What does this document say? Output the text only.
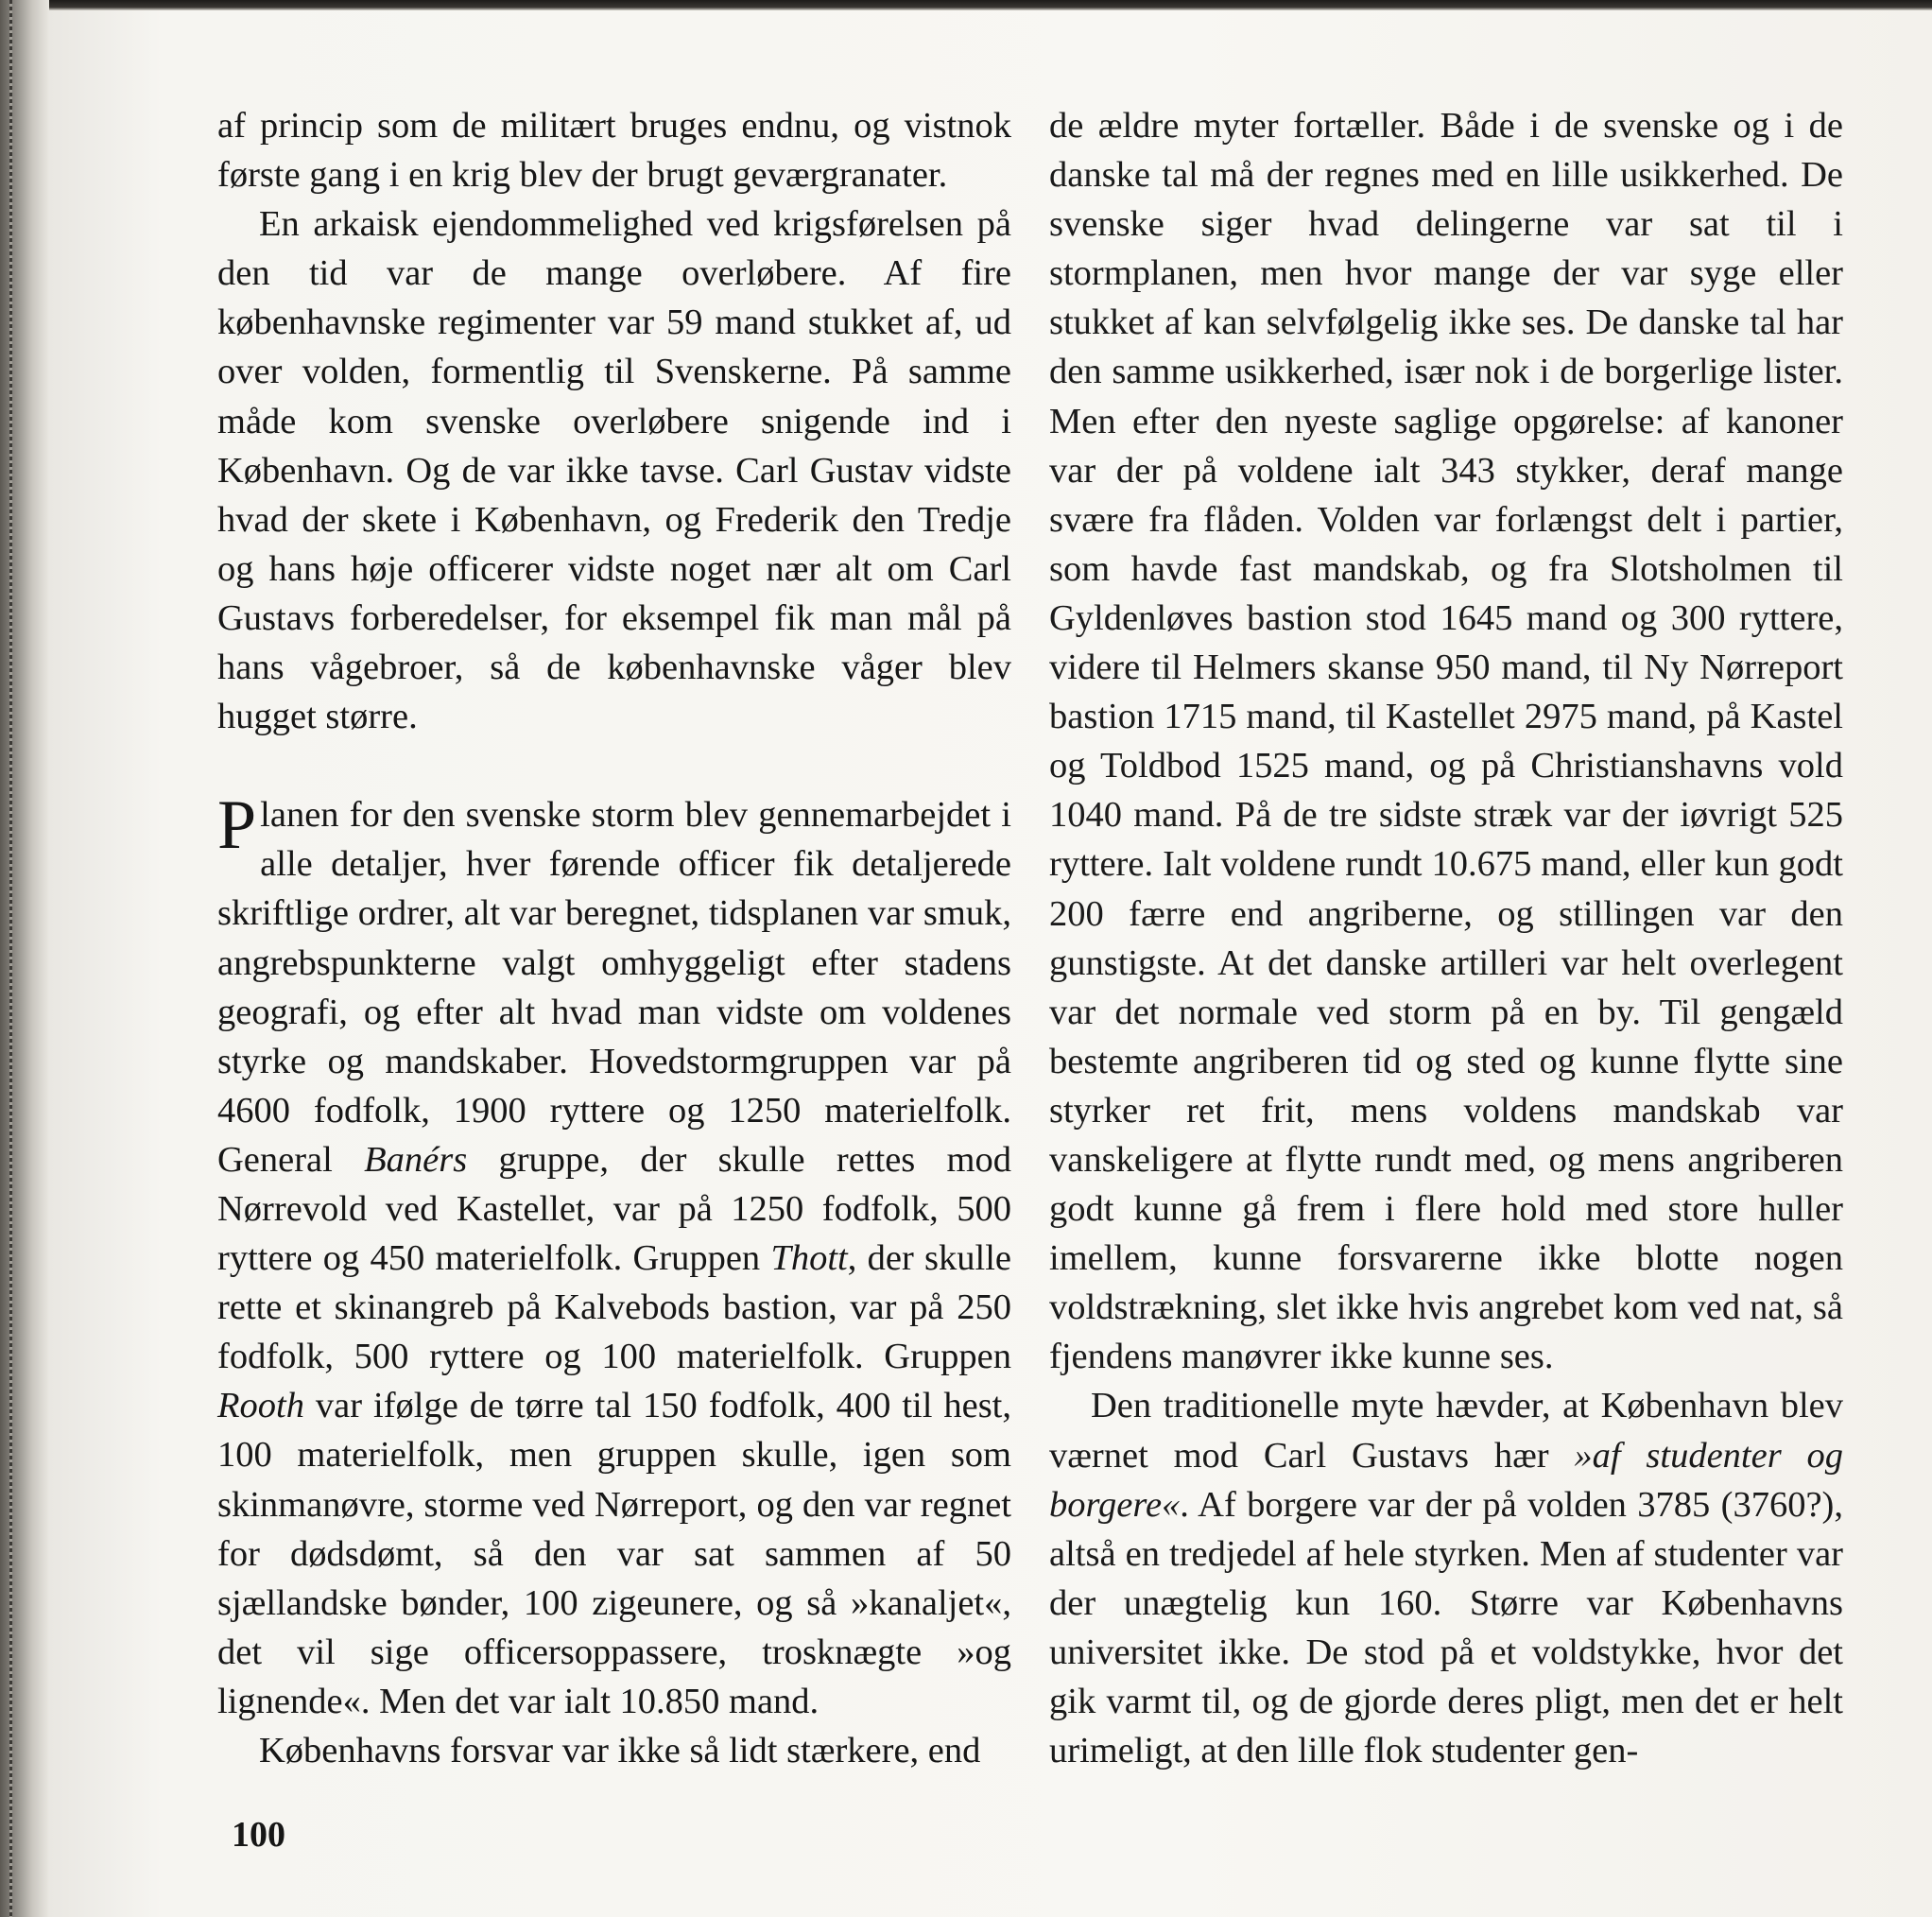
af princip som de militært bruges endnu, og vistnok første gang i en krig blev der brugt geværgranater.

En arkaisk ejendommelighed ved krigsførelsen på den tid var de mange overløbere. Af fire københavnske regimenter var 59 mand stukket af, ud over volden, formentlig til Svenskerne. På samme måde kom svenske overløbere snigende ind i København. Og de var ikke tavse. Carl Gustav vidste hvad der skete i København, og Frederik den Tredje og hans høje officerer vidste noget nær alt om Carl Gustavs forberedelser, for eksempel fik man mål på hans vågebroer, så de københavnske våger blev hugget større.

Planen for den svenske storm blev gennemarbejdet i alle detaljer, hver førende officer fik detaljerede skriftlige ordrer, alt var beregnet, tidsplanen var smuk, angrebspunkterne valgt omhyggeligt efter stadens geografi, og efter alt hvad man vidste om voldenes styrke og mandskaber. Hovedstormgruppen var på 4600 fodfolk, 1900 ryttere og 1250 materielfolk. General Banérs gruppe, der skulle rettes mod Nørrevold ved Kastellet, var på 1250 fodfolk, 500 ryttere og 450 materielfolk. Gruppen Thott, der skulle rette et skinangreb på Kalvebods bastion, var på 250 fodfolk, 500 ryttere og 100 materielfolk. Gruppen Rooth var ifølge de tørre tal 150 fodfolk, 400 til hest, 100 materielfolk, men gruppen skulle, igen som skinmanøvre, storme ved Nørreport, og den var regnet for dødsdømt, så den var sat sammen af 50 sjællandske bønder, 100 zigeunere, og så »kanaljet«, det vil sige officersoppassere, trosknægte »og lignende«. Men det var ialt 10.850 mand.

Københavns forsvar var ikke så lidt stærkere, end

de ældre myter fortæller. Både i de svenske og i de danske tal må der regnes med en lille usikkerhed. De svenske siger hvad delingerne var sat til i stormplanen, men hvor mange der var syge eller stukket af kan selvfølgelig ikke ses. De danske tal har den samme usikkerhed, især nok i de borgerlige lister. Men efter den nyeste saglige opgørelse: af kanoner var der på voldene ialt 343 stykker, deraf mange svære fra flåden. Volden var forlængst delt i partier, som havde fast mandskab, og fra Slotsholmen til Gyldenløves bastion stod 1645 mand og 300 ryttere, videre til Helmers skanse 950 mand, til Ny Nørreport bastion 1715 mand, til Kastellet 2975 mand, på Kastel og Toldbod 1525 mand, og på Christianshavns vold 1040 mand. På de tre sidste stræk var der iøvrigt 525 ryttere. Ialt voldene rundt 10.675 mand, eller kun godt 200 færre end angriberne, og stillingen var den gunstigste. At det danske artilleri var helt overlegent var det normale ved storm på en by. Til gengæld bestemte angriberen tid og sted og kunne flytte sine styrker ret frit, mens voldens mandskab var vanskeligere at flytte rundt med, og mens angriberen godt kunne gå frem i flere hold med store huller imellem, kunne forsvarerne ikke blotte nogen voldstrækning, slet ikke hvis angrebet kom ved nat, så fjendens manøvrer ikke kunne ses.

Den traditionelle myte hævder, at København blev værnet mod Carl Gustavs hær »af studenter og borgere«. Af borgere var der på volden 3785 (3760?), altså en tredjedel af hele styrken. Men af studenter var der unægtelig kun 160. Større var Københavns universitet ikke. De stod på et voldstykke, hvor det gik varmt til, og de gjorde deres pligt, men det er helt urimeligt, at den lille flok studenter gen-

100
